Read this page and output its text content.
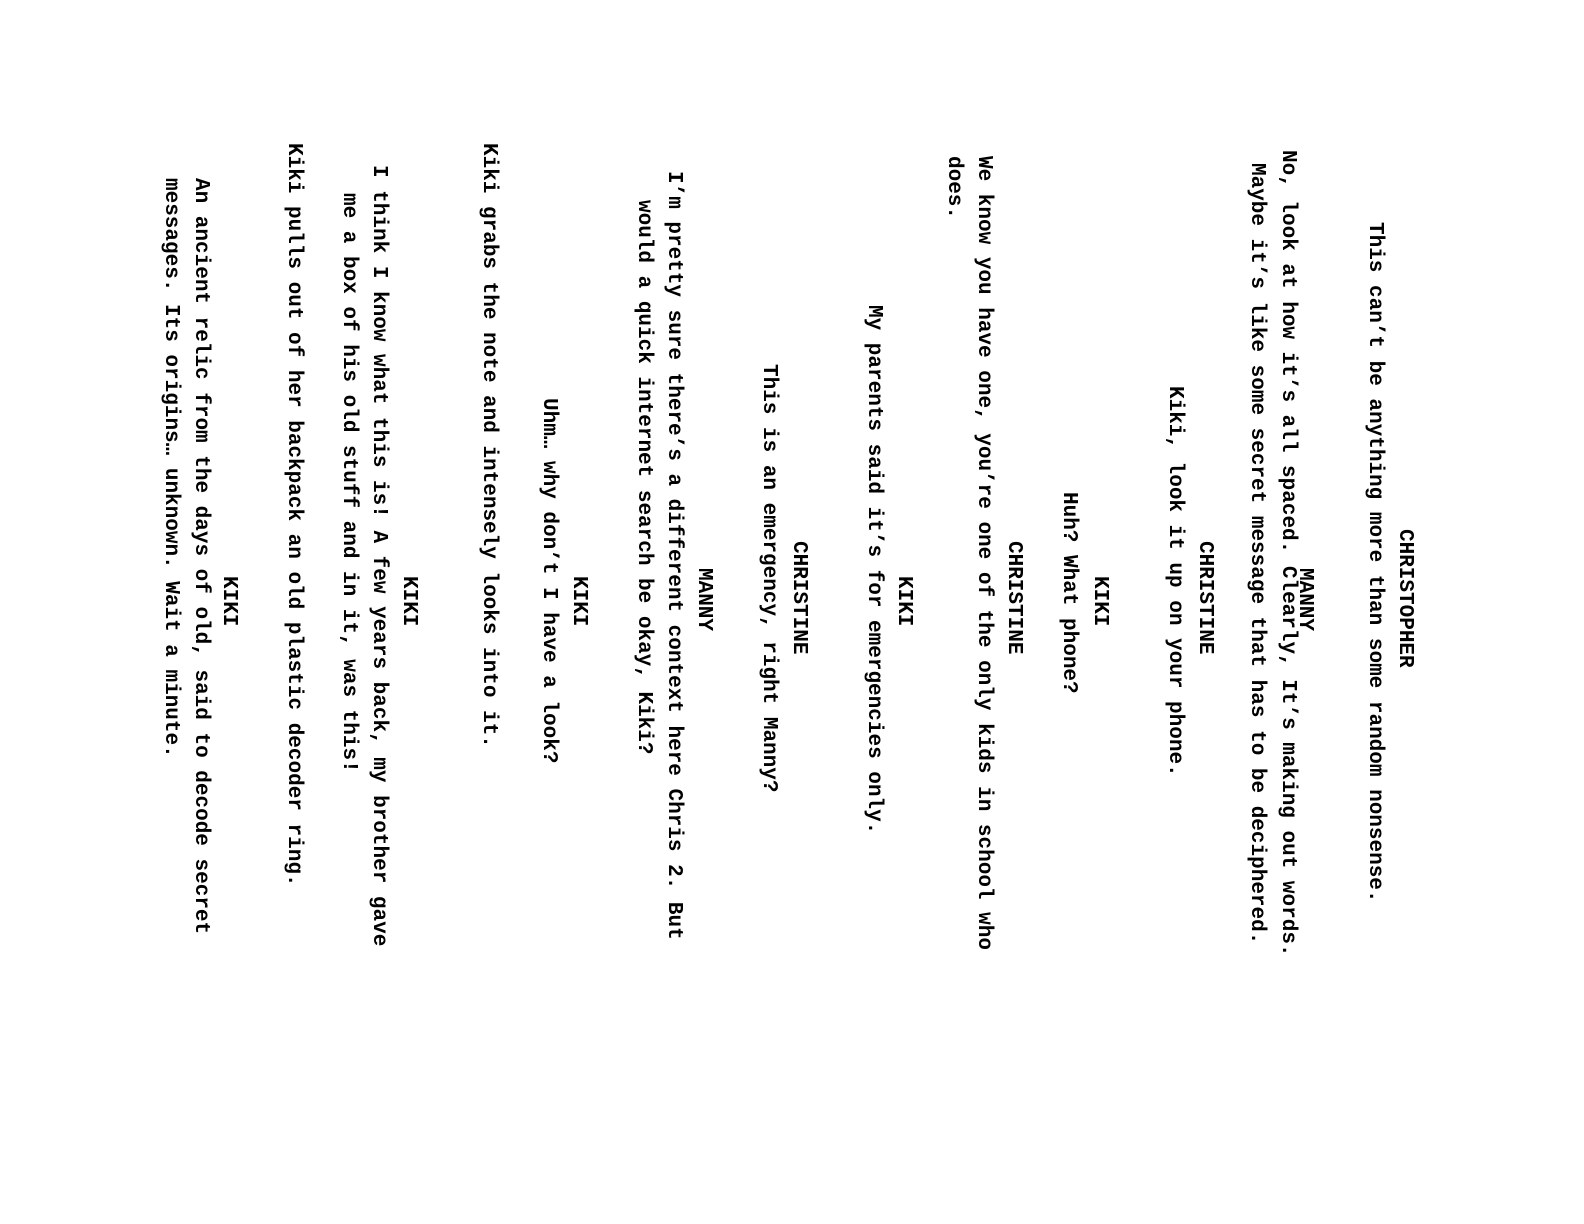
CHRISTOPHER
This can’t be anything more than some random nonsense.
MANNY
No, look at how it’s all spaced. Clearly, It’s making out words.
Maybe it’s like some secret message that has to be deciphered.
CHRISTINE
Kiki, look it up on your phone.
KIKI
Huh? What phone?
CHRISTINE
We know you have one, you’re one of the only kids in school who
does.
KIKI
My parents said it’s for emergencies only.
CHRISTINE
This is an emergency, right Manny?
MANNY
I’m pretty sure there’s a different context here Chris 2. But
would a quick internet search be okay, Kiki?
KIKI
Uhm… why don’t I have a look?
Kiki grabs the note and intensely looks into it.
KIKI
I think I know what this is! A few years back, my brother gave
me a box of his old stuff and in it, was this!
Kiki pulls out of her backpack an old plastic decoder ring.
KIKI
An ancient relic from the days of old, said to decode secret
messages. Its origins… unknown. Wait a minute.
